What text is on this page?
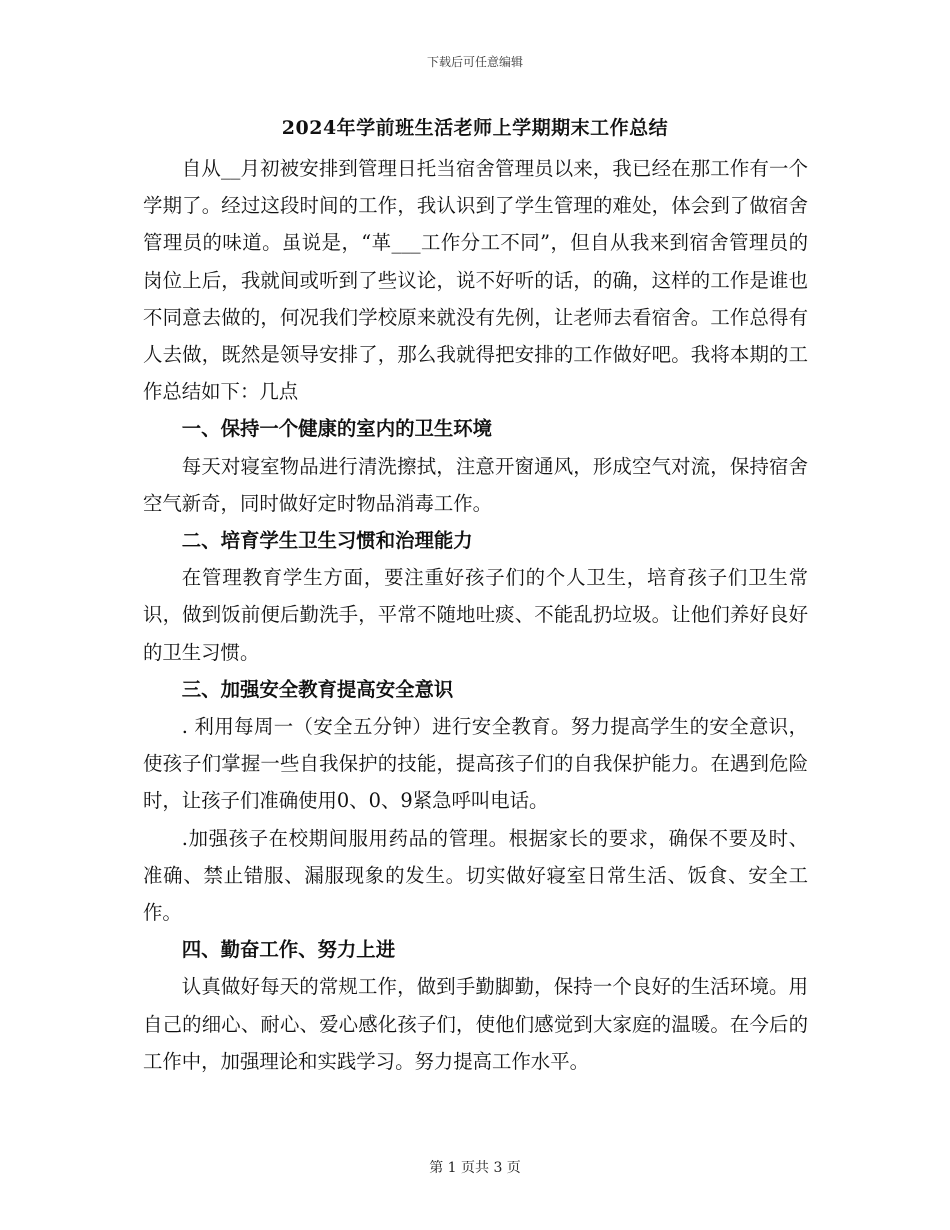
下载后可任意编辑
2024年学前班生活老师上学期期末工作总结

自从__月初被安排到管理日托当宿舍管理员以来，我已经在那工作有一个学期了。经过这段时间的工作，我认识到了学生管理的难处，体会到了做宿舍管理员的味道。虽说是，“革___工作分工不同”，但自从我来到宿舍管理员的岗位上后，我就间或听到了些议论，说不好听的话，的确，这样的工作是谁也不同意去做的，何况我们学校原来就没有先例，让老师去看宿舍。工作总得有人去做，既然是领导安排了，那么我就得把安排的工作做好吧。我将本期的工作总结如下：几点

一、保持一个健康的室内的卫生环境

每天对寝室物品进行清洗擦拭，注意开窗通风，形成空气对流，保持宿舍空气新奇，同时做好定时物品消毒工作。

二、培育学生卫生习惯和治理能力

在管理教育学生方面，要注重好孩子们的个人卫生，培育孩子们卫生常识，做到饭前便后勤洗手，平常不随地吐痰、不能乱扔垃圾。让他们养好良好的卫生习惯。

三、加强安全教育提高安全意识

. 利用每周一（安全五分钟）进行安全教育。努力提高学生的安全意识，使孩子们掌握一些自我保护的技能，提高孩子们的自我保护能力。在遇到危险时，让孩子们准确使用0、0、9紧急呼叫电话。

.加强孩子在校期间服用药品的管理。根据家长的要求，确保不要及时、准确、禁止错服、漏服现象的发生。切实做好寝室日常生活、饭食、安全工作。

四、勤奋工作、努力上进

认真做好每天的常规工作，做到手勤脚勤，保持一个良好的生活环境。用自己的细心、耐心、爱心感化孩子们，使他们感觉到大家庭的温暖。在今后的工作中，加强理论和实践学习。努力提高工作水平。

第 1 页共 3 页
